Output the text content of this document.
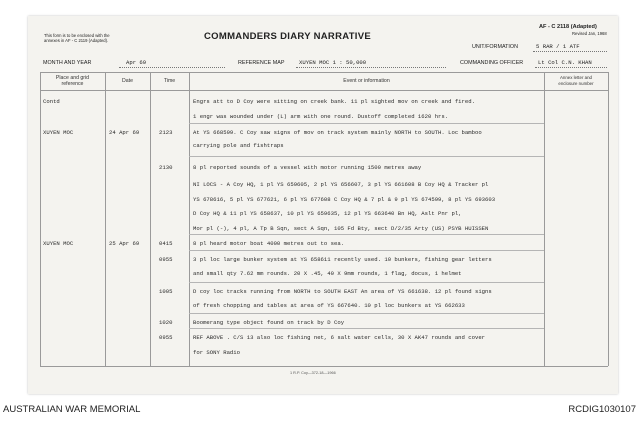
This form is to be enclosed with the
annexes in AF - C 2119 (Adapted).	COMMANDERS DIARY NARRATIVE
AF - C 2118 (Adapted)
Revised Jan, 1968
UNIT/FORMATION	5 RAR / 1 ATF
MONTH AND YEAR	Apr 69	REFERENCE MAP	XUYEN MOC 1 : 50,000	COMMANDING OFFICER	Lt Col C.N. KHAN
Place and grid
reference	Date	Time	Event or information
Annex letter and
enclosure number
Contd	Engrs att to D Coy were sitting on creek bank. 11 pl sighted mov on creek and fired.
1 engr was wounded under (L) arm with one round. Dustoff completed 1620 hrs.
XUYEN MOC	24 Apr 69	2123	At YS 668599. C Coy saw signs of mov on track system mainly NORTH to SOUTH. Loc bamboo
carrying pole and fishtraps
2130	8 pl reported sounds of a vessel with motor running 1500 metres away
NI LOCS - A Coy HQ, 1 pl YS 659605, 2 pl YS 656607, 3 pl YS 661608 B Coy HQ & Tracker pl
YS 678616, 5 pl YS 677621, 6 pl YS 677608 C Coy HQ & 7 pl & 9 pl YS 674599, 8 pl YS 693603
D Coy HQ & 11 pl YS 658637, 10 pl YS 659635, 12 pl YS 663640 Bn HQ, Aslt Pnr pl,
Mor pl (-), 4 pl, A Tp B Sqn, sect A Sqn, 105 Fd Bty, sect D/2/35 Arty (US) PSYB HUISSEN
XUYEN MOC	25 Apr 69	0415	8 pl heard motor boat 4000 metres out to sea.
0955	3 pl loc large bunker system at YS 658611 recently used. 10 bunkers, fishing gear letters
and small qty 7.62 mm rounds. 20 X .45, 40 X 9mm rounds, 1 flag, docus, 1 helmet
1005	D coy loc tracks running from NORTH to SOUTH EAST An area of YS 661638. 12 pl found signs
of fresh chopping and tables at area of YS 667640. 10 pl loc bunkers at YS 662633
1020	Boomerang type object found on track by D Coy
0955	REF ABOVE . C/S 13 also loc fishing net, 6 salt water cells, 30 X AK47 rounds and cover
for SONY Radio
1 R.P. Coy—372-18—1966
AUSTRALIAN WAR MEMORIAL	RCDIG1030107
